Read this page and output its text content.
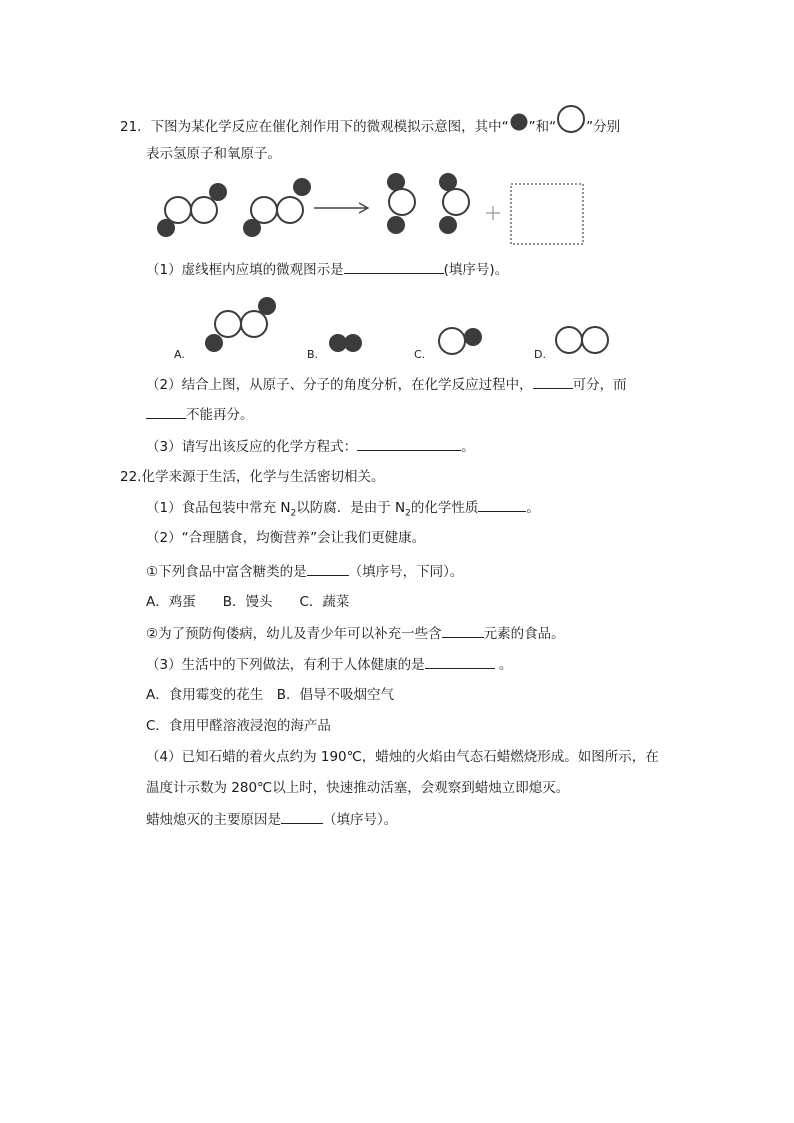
21．下图为某化学反应在催化剂作用下的微观模拟示意图，其中“ ”和“ ”分别
表示氢原子和氧原子。
（1）虚线框内应填的微观图示是	(填序号)。
A.	B.	C.	D.
（2）结合上图，从原子、分子的角度分析，在化学反应过程中，	可分，而
不能再分。
（3）请写出该反应的化学方程式：	。
22.化学来源于生活，化学与生活密切相关。
（1）食品包装中常充 $N_2$以防腐．是由于 $N_2$的化学性质	。
（2）“合理膳食，均衡营养”会让我们更健康。
①下列食品中富含糖类的是	（填序号，下同）。
A．鸡蛋　　B．馒头　　C．蔬菜
②为了预防佝偻病，幼儿及青少年可以补充一些含	元素的食品。
（3）生活中的下列做法，有利于人体健康的是	。
A．食用霉变的花生　B．倡导不吸烟空气
C．食用甲醛溶液浸泡的海产品
（4）已知石蜡的着火点约为 190℃，蜡烛的火焰由气态石蜡燃烧形成。如图所示，在
温度计示数为 280℃以上时，快速推动活塞，会观察到蜡烛立即熄灭。
蜡烛熄灭的主要原因是	（填序号）。
